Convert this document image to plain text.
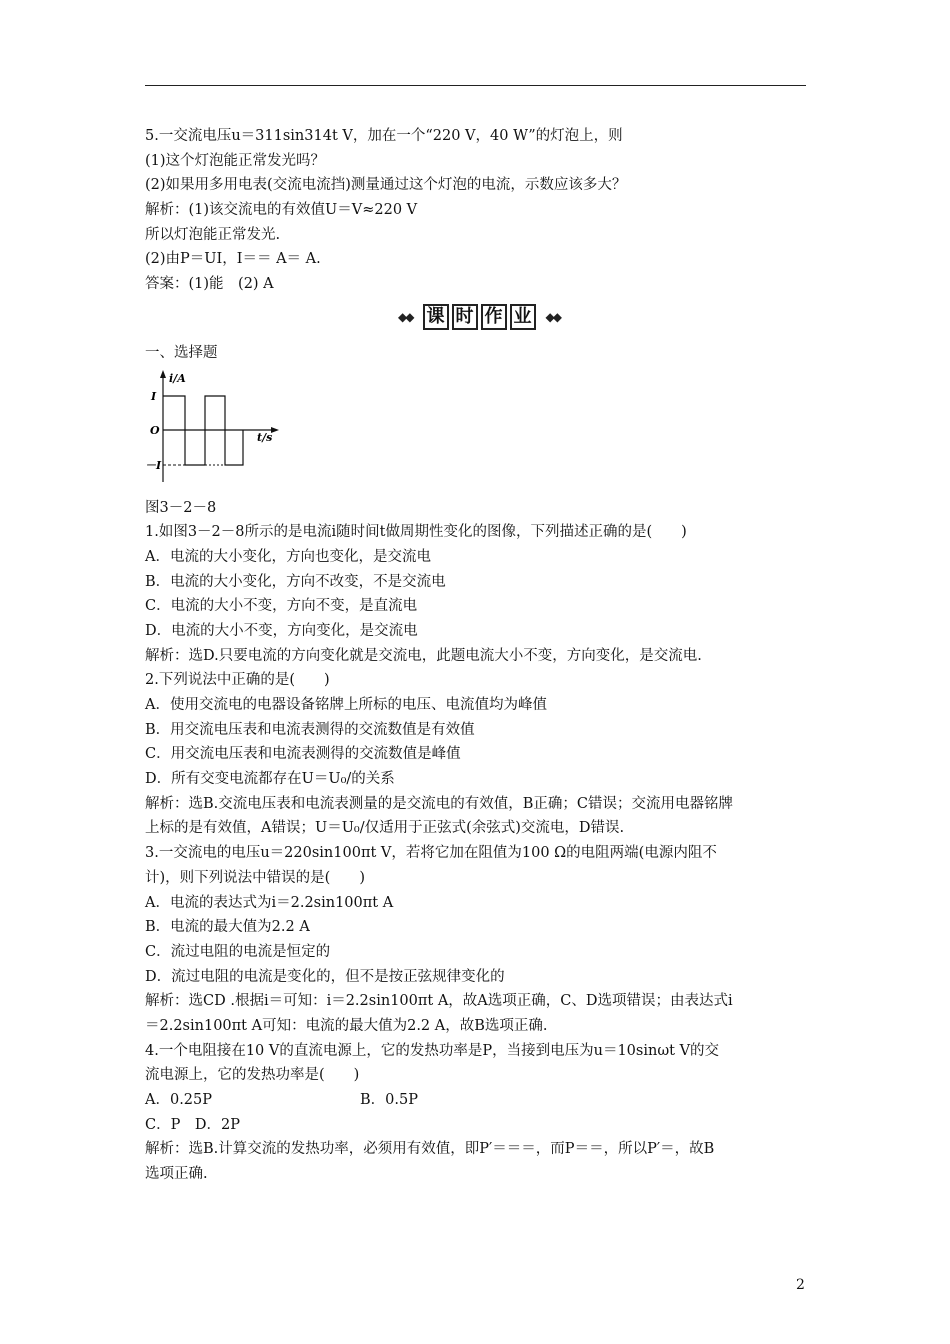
5.一交流电压u＝311sin314t V，加在一个“220 V，40 W”的灯泡上，则
(1)这个灯泡能正常发光吗？
(2)如果用多用电表(交流电流挡)测量通过这个灯泡的电流，示数应该多大？
解析：(1)该交流电的有效值U＝V≈220 V
所以灯泡能正常发光.
(2)由P＝UI，I＝＝ A＝ A.
答案：(1)能　(2) A
◆◆ 课 时 作 业	◆◆
一、选择题
i/A
t/s
I
O
－I
图3－2－8
1.如图3－2－8所示的是电流i随时间t做周期性变化的图像，下列描述正确的是(　　)
A．电流的大小变化，方向也变化，是交流电
B．电流的大小变化，方向不改变，不是交流电
C．电流的大小不变，方向不变，是直流电
D．电流的大小不变，方向变化，是交流电
解析：选D.只要电流的方向变化就是交流电，此题电流大小不变，方向变化，是交流电.
2.下列说法中正确的是(　　)
A．使用交流电的电器设备铭牌上所标的电压、电流值均为峰值
B．用交流电压表和电流表测得的交流数值是有效值
C．用交流电压表和电流表测得的交流数值是峰值
D．所有交变电流都存在U＝U₀/的关系
解析：选B.交流电压表和电流表测量的是交流电的有效值，B正确；C错误；交流用电器铭牌
上标的是有效值，A错误；U＝U₀/仅适用于正弦式(余弦式)交流电，D错误.
3.一交流电的电压u＝220sin100πt V，若将它加在阻值为100 Ω的电阻两端(电源内阻不
计)，则下列说法中错误的是(　　)
A．电流的表达式为i＝2.2sin100πt A
B．电流的最大值为2.2 A
C．流过电阻的电流是恒定的
D．流过电阻的电流是变化的，但不是按正弦规律变化的
解析：选CD .根据i＝可知：i＝2.2sin100πt A，故A选项正确，C、D选项错误；由表达式i
＝2.2sin100πt A可知：电流的最大值为2.2 A，故B选项正确.
4.一个电阻接在10 V的直流电源上，它的发热功率是P，当接到电压为u＝10sinωt V的交
流电源上，它的发热功率是(　　)
A．0.25P	B．0.5P
C．P　D．2P
解析：选B.计算交流的发热功率，必须用有效值，即P′＝＝＝，而P＝＝，所以P′＝，故B
选项正确.
2
